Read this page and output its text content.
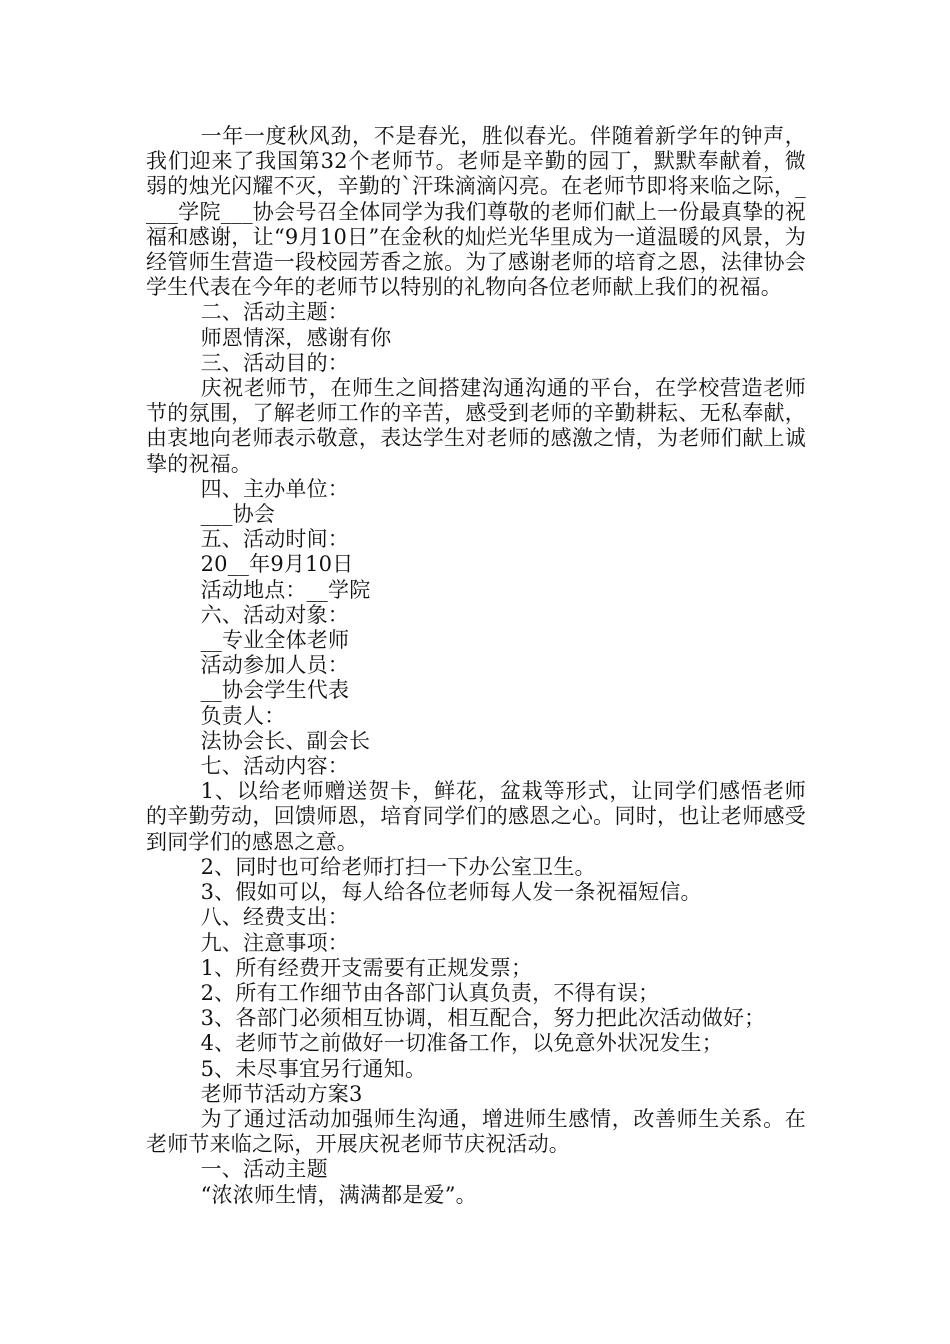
一年一度秋风劲，不是春光，胜似春光。伴随着新学年的钟声，我们迎来了我国第32个老师节。老师是辛勤的园丁，默默奉献着，微弱的烛光闪耀不灭，辛勤的`汗珠滴滴闪亮。在老师节即将来临之际，____学院___协会号召全体同学为我们尊敬的老师们献上一份最真挚的祝福和感谢，让“9月10日”在金秋的灿烂光华里成为一道温暖的风景，为经管师生营造一段校园芳香之旅。为了感谢老师的培育之恩，法律协会学生代表在今年的老师节以特别的礼物向各位老师献上我们的祝福。

二、活动主题：

师恩情深，感谢有你

三、活动目的：

庆祝老师节，在师生之间搭建沟通沟通的平台，在学校营造老师节的氛围，了解老师工作的辛苦，感受到老师的辛勤耕耘、无私奉献，由衷地向老师表示敬意，表达学生对老师的感激之情，为老师们献上诚挚的祝福。

四、主办单位：

___协会

五、活动时间：

20__年9月10日

活动地点：__学院

六、活动对象：

__专业全体老师

活动参加人员：

__协会学生代表

负责人：

法协会长、副会长

七、活动内容：

1、以给老师赠送贺卡，鲜花，盆栽等形式，让同学们感悟老师的辛勤劳动，回馈师恩，培育同学们的感恩之心。同时，也让老师感受到同学们的感恩之意。

2、同时也可给老师打扫一下办公室卫生。

3、假如可以，每人给各位老师每人发一条祝福短信。

八、经费支出：

九、注意事项：

1、所有经费开支需要有正规发票；

2、所有工作细节由各部门认真负责，不得有误；

3、各部门必须相互协调，相互配合，努力把此次活动做好；

4、老师节之前做好一切准备工作，以免意外状况发生；

5、未尽事宜另行通知。

老师节活动方案3

为了通过活动加强师生沟通，增进师生感情，改善师生关系。在老师节来临之际，开展庆祝老师节庆祝活动。

一、活动主题

“浓浓师生情，满满都是爱”。
